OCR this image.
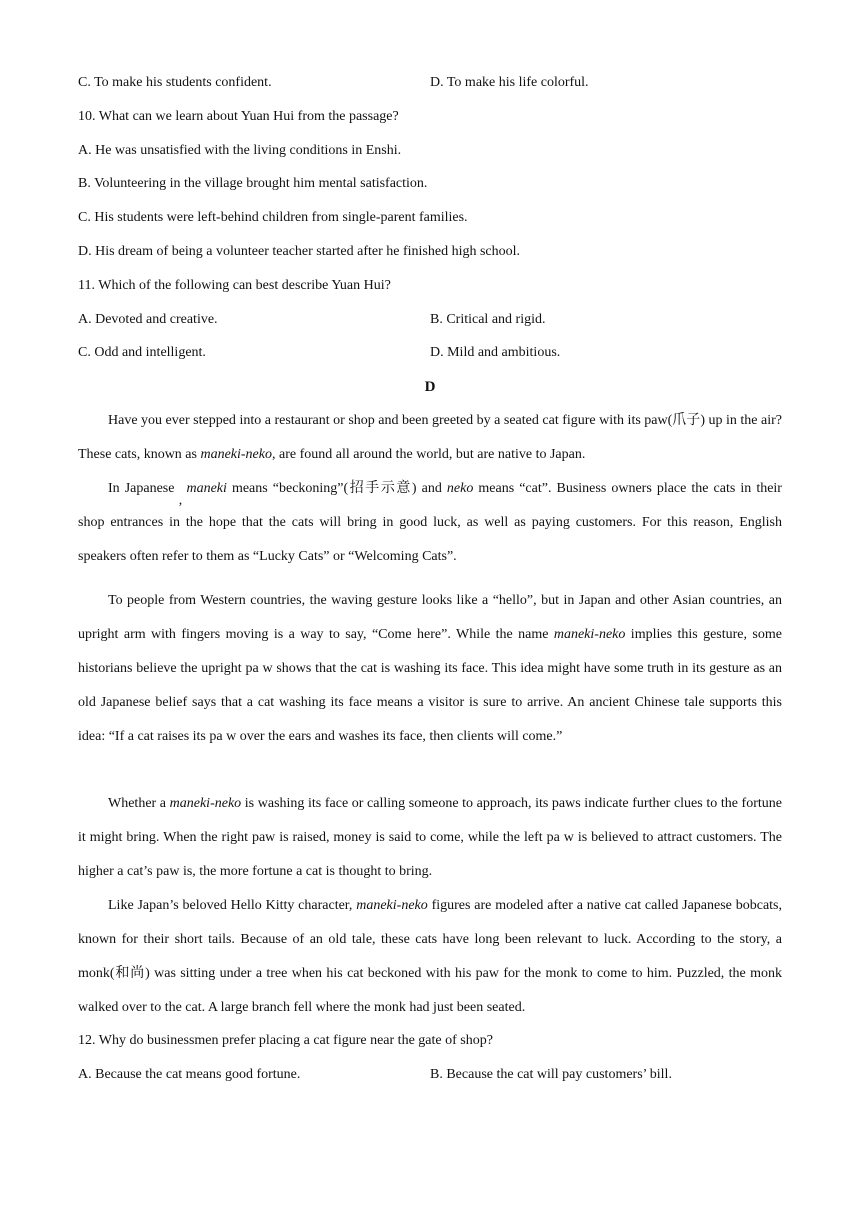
C. To make his students confident.	D. To make his life colorful.
10. What can we learn about Yuan Hui from the passage?
A. He was unsatisfied with the living conditions in Enshi.
B. Volunteering in the village brought him mental satisfaction.
C. His students were left-behind children from single-parent families.
D. His dream of being a volunteer teacher started after he finished high school.
11. Which of the following can best describe Yuan Hui?
A. Devoted and creative.	B. Critical and rigid.
C. Odd and intelligent.	D. Mild and ambitious.
D
Have you ever stepped into a restaurant or shop and been greeted by a seated cat figure with its paw(爪子) up in the air? These cats, known as maneki-neko, are found all around the world, but are native to Japan.
In Japanese,maneki means “beckoning”(招手示意) and neko means “cat”. Business owners place the cats in their shop entrances in the hope that the cats will bring in good luck, as well as paying customers. For this reason, English speakers often refer to them as “Lucky Cats” or “Welcoming Cats”.
To people from Western countries, the waving gesture looks like a “hello”, but in Japan and other Asian countries, an upright arm with fingers moving is a way to say, “Come here”. While the name maneki-neko implies this gesture, some historians believe the upright pa w shows that the cat is washing its face. This idea might have some truth in its gesture as an old Japanese belief says that a cat washing its face means a visitor is sure to arrive. An ancient Chinese tale supports this idea: “If a cat raises its pa w over the ears and washes its face, then clients will come.”
Whether a maneki-neko is washing its face or calling someone to approach, its paws indicate further clues to the fortune it might bring. When the right paw is raised, money is said to come, while the left pa w is believed to attract customers. The higher a cat’s paw is, the more fortune a cat is thought to bring.
Like Japan’s beloved Hello Kitty character, maneki-neko figures are modeled after a native cat called Japanese bobcats, known for their short tails. Because of an old tale, these cats have long been relevant to luck. According to the story, a monk(和尚) was sitting under a tree when his cat beckoned with his paw for the monk to come to him. Puzzled, the monk walked over to the cat. A large branch fell where the monk had just been seated.
12. Why do businessmen prefer placing a cat figure near the gate of shop?
A. Because the cat means good fortune.	B. Because the cat will pay customers’ bill.
